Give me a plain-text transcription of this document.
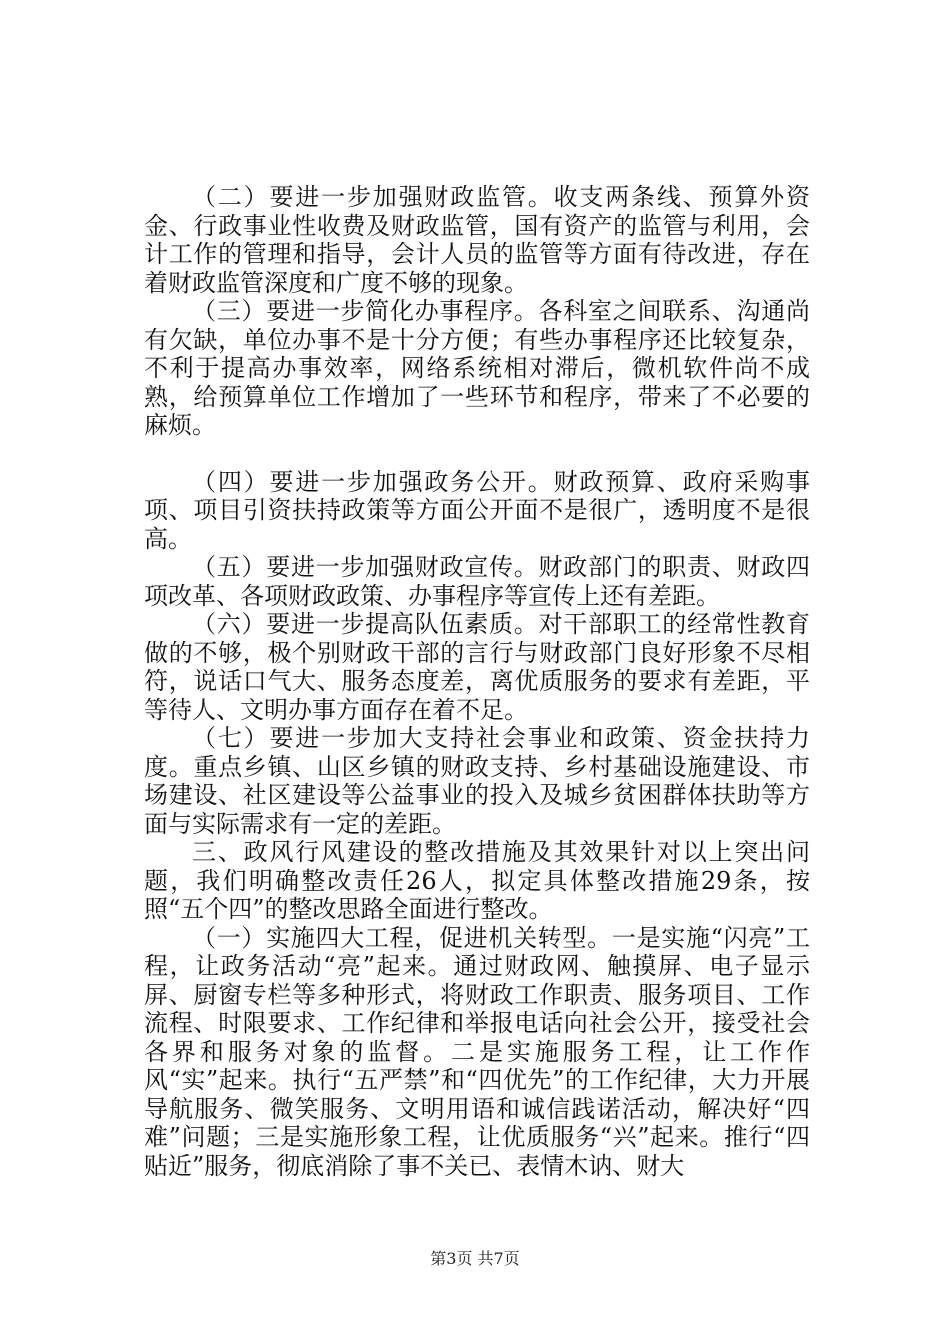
（二）要进一步加强财政监管。收支两条线、预算外资金、行政事业性收费及财政监管，国有资产的监管与利用，会计工作的管理和指导，会计人员的监管等方面有待改进，存在着财政监管深度和广度不够的现象。

（三）要进一步简化办事程序。各科室之间联系、沟通尚有欠缺，单位办事不是十分方便；有些办事程序还比较复杂，不利于提高办事效率，网络系统相对滞后，微机软件尚不成熟，给预算单位工作增加了一些环节和程序，带来了不必要的麻烦。

（四）要进一步加强政务公开。财政预算、政府采购事项、项目引资扶持政策等方面公开面不是很广，透明度不是很高。

（五）要进一步加强财政宣传。财政部门的职责、财政四项改革、各项财政政策、办事程序等宣传上还有差距。

（六）要进一步提高队伍素质。对干部职工的经常性教育做的不够，极个别财政干部的言行与财政部门良好形象不尽相符，说话口气大、服务态度差，离优质服务的要求有差距，平等待人、文明办事方面存在着不足。

（七）要进一步加大支持社会事业和政策、资金扶持力度。重点乡镇、山区乡镇的财政支持、乡村基础设施建设、市场建设、社区建设等公益事业的投入及城乡贫困群体扶助等方面与实际需求有一定的差距。

三、政风行风建设的整改措施及其效果针对以上突出问题，我们明确整改责任26人，拟定具体整改措施29条，按照“五个四”的整改思路全面进行整改。

（一）实施四大工程，促进机关转型。一是实施“闪亮”工程，让政务活动“亮”起来。通过财政网、触摸屏、电子显示屏、厨窗专栏等多种形式，将财政工作职责、服务项目、工作流程、时限要求、工作纪律和举报电话向社会公开，接受社会各界和服务对象的监督。二是实施服务工程，让工作作风“实”起来。执行“五严禁”和“四优先”的工作纪律，大力开展导航服务、微笑服务、文明用语和诚信践诺活动，解决好“四难”问题；三是实施形象工程，让优质服务“兴”起来。推行“四贴近”服务，彻底消除了事不关已、表情木讷、财大

第3页 共7页
